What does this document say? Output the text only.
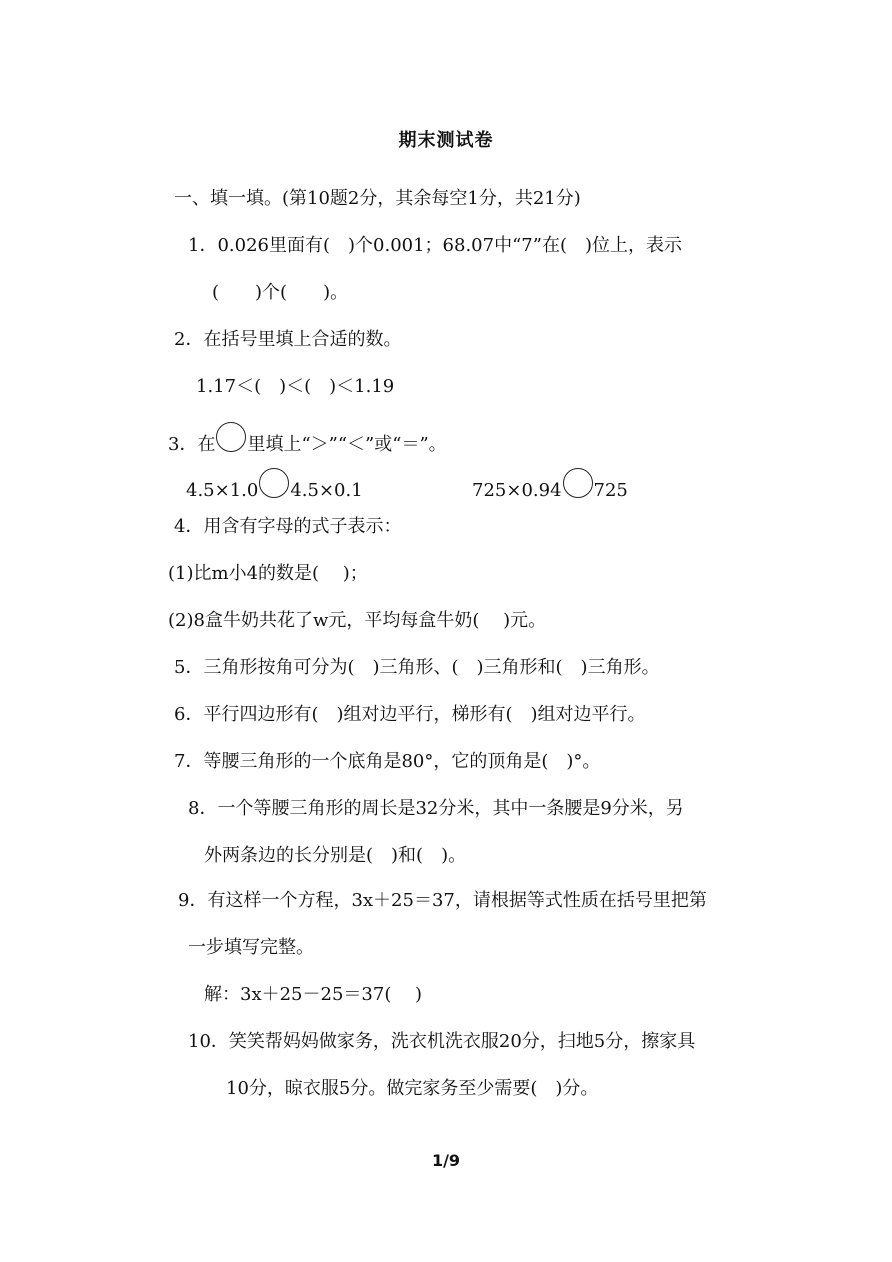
期末测试卷
一、填一填。(第10题2分，其余每空1分，共21分)
1．0.026里面有(　)个0.001；68.07中“7”在(　)位上，表示
(　　)个(　　)。
2．在括号里填上合适的数。
1.17＜(　)＜(　)＜1.19
3．在 里填上“＞”“＜”或“＝”。
4.5×1.0 4.5×0.1	725×0.94 725
4．用含有字母的式子表示：
(1)比m小4的数是(　 )；
(2)8盒牛奶共花了w元，平均每盒牛奶(　 )元。
5．三角形按角可分为(　)三角形、(　)三角形和(　)三角形。
6．平行四边形有(　)组对边平行，梯形有(　)组对边平行。
7．等腰三角形的一个底角是80°，它的顶角是(　)°。
8．一个等腰三角形的周长是32分米，其中一条腰是9分米，另
外两条边的长分别是(　)和(　)。
9．有这样一个方程，3x＋25＝37，请根据等式性质在括号里把第
一步填写完整。
解：3x＋25－25＝37(　 )
10．笑笑帮妈妈做家务，洗衣机洗衣服20分，扫地5分，擦家具
10分，晾衣服5分。做完家务至少需要(　)分。
1/9
